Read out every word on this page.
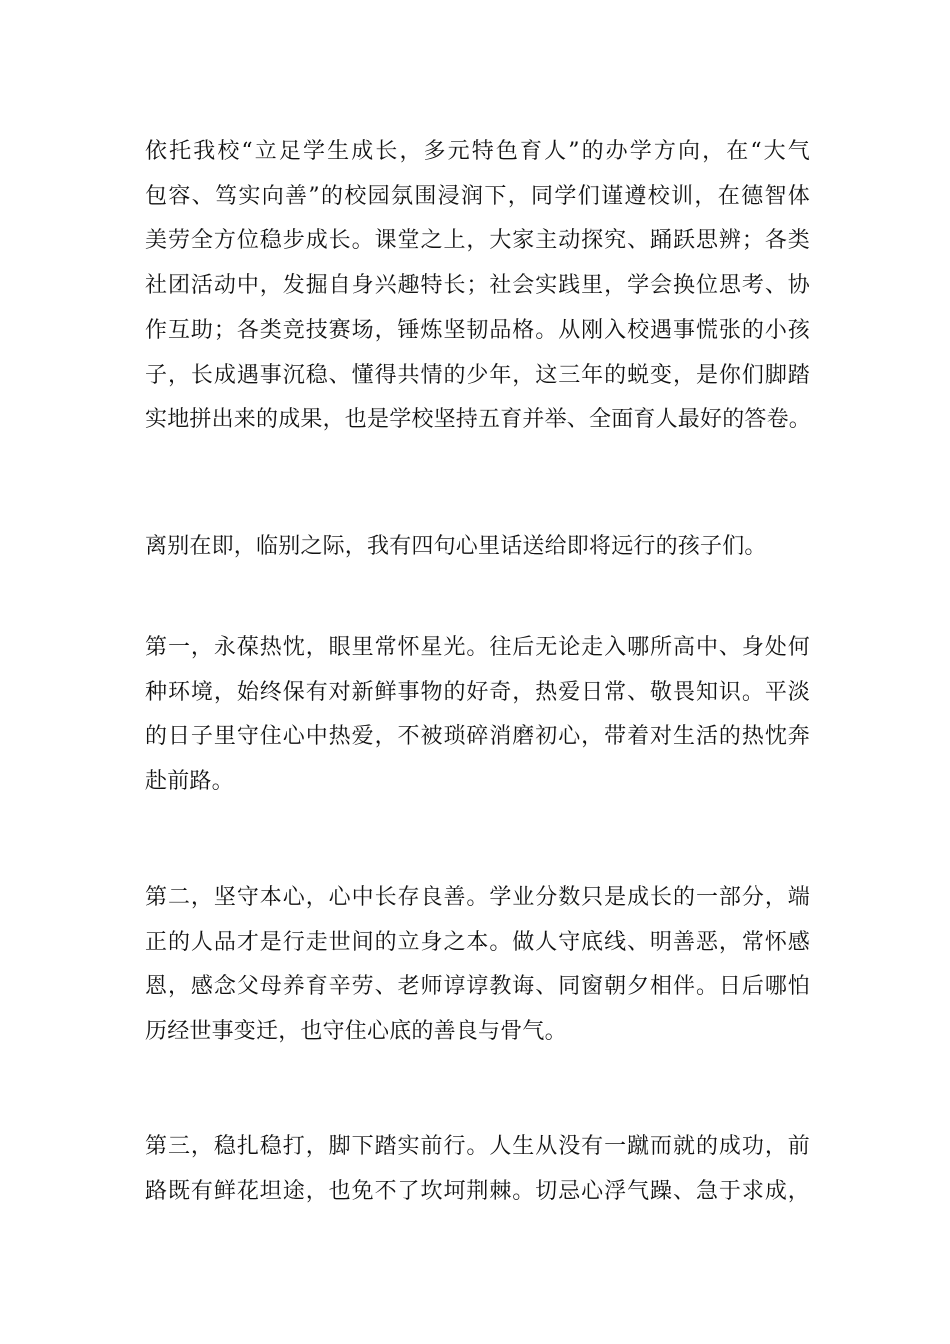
依托我校“立足学生成长，多元特色育人”的办学方向，在“大气
包容、笃实向善”的校园氛围浸润下，同学们谨遵校训，在德智体
美劳全方位稳步成长。课堂之上，大家主动探究、踊跃思辨；各类
社团活动中，发掘自身兴趣特长；社会实践里，学会换位思考、协
作互助；各类竞技赛场，锤炼坚韧品格。从刚入校遇事慌张的小孩
子，长成遇事沉稳、懂得共情的少年，这三年的蜕变，是你们脚踏
实地拼出来的成果，也是学校坚持五育并举、全面育人最好的答卷。
离别在即，临别之际，我有四句心里话送给即将远行的孩子们。
第一，永葆热忱，眼里常怀星光。往后无论走入哪所高中、身处何
种环境，始终保有对新鲜事物的好奇，热爱日常、敬畏知识。平淡
的日子里守住心中热爱，不被琐碎消磨初心，带着对生活的热忱奔
赴前路。
第二，坚守本心，心中长存良善。学业分数只是成长的一部分，端
正的人品才是行走世间的立身之本。做人守底线、明善恶，常怀感
恩，感念父母养育辛劳、老师谆谆教诲、同窗朝夕相伴。日后哪怕
历经世事变迁，也守住心底的善良与骨气。
第三，稳扎稳打，脚下踏实前行。人生从没有一蹴而就的成功，前
路既有鲜花坦途，也免不了坎坷荆棘。切忌心浮气躁、急于求成，
